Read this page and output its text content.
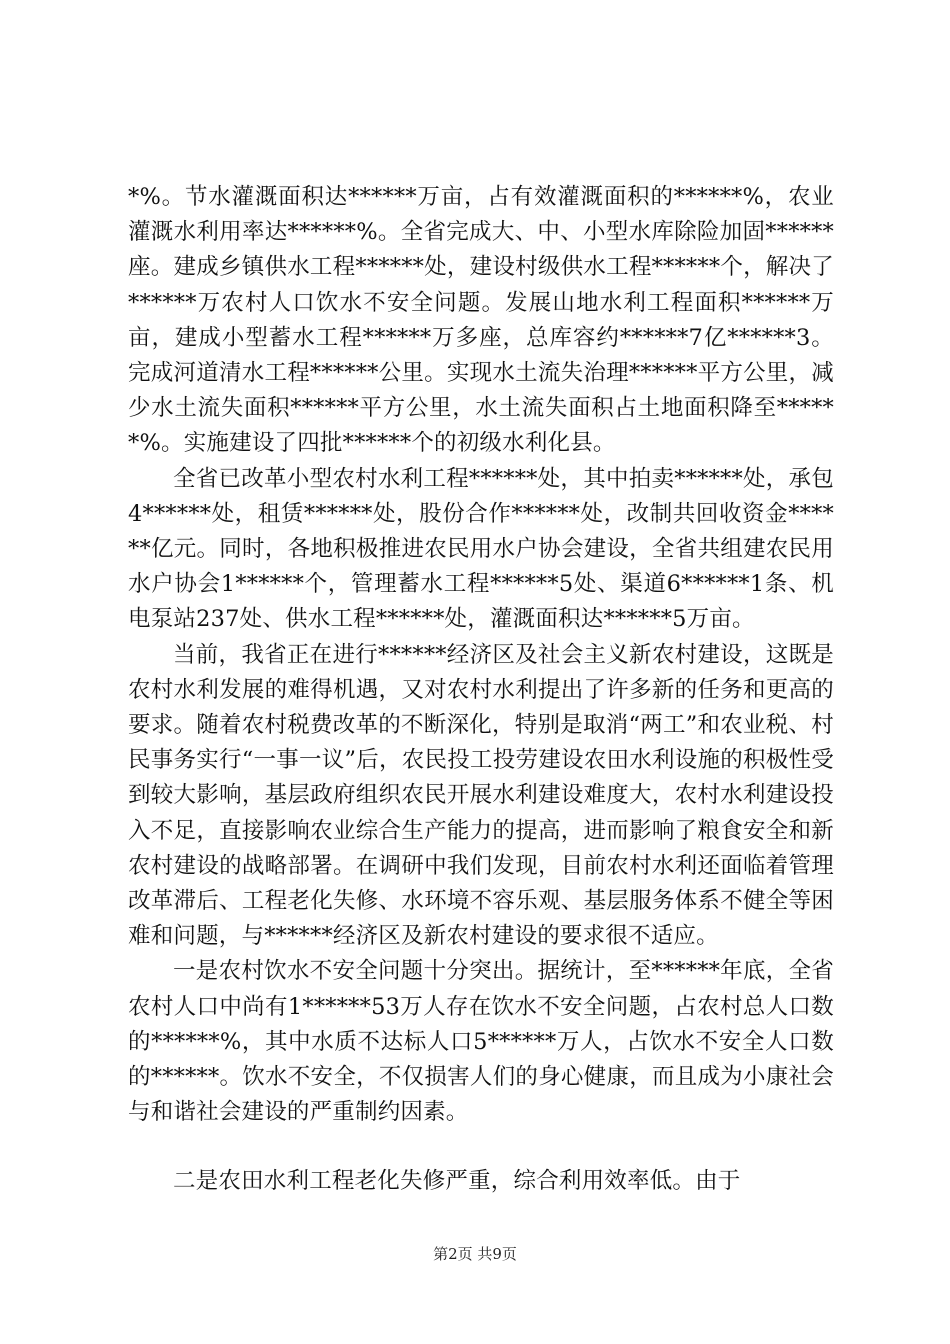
*%。节水灌溉面积达******万亩，占有效灌溉面积的******%，农业灌溉水利用率达******%。全省完成大、中、小型水库除险加固******座。建成乡镇供水工程******处，建设村级供水工程******个，解决了******万农村人口饮水不安全问题。发展山地水利工程面积******万亩，建成小型蓄水工程******万多座，总库容约******7亿******3。完成河道清水工程******公里。实现水土流失治理******平方公里，减少水土流失面积******平方公里，水土流失面积占土地面积降至******%。实施建设了四批******个的初级水利化县。

全省已改革小型农村水利工程******处，其中拍卖******处，承包4******处，租赁******处，股份合作******处，改制共回收资金******亿元。同时，各地积极推进农民用水户协会建设，全省共组建农民用水户协会1******个，管理蓄水工程******5处、渠道6******1条、机电泵站237处、供水工程******处，灌溉面积达******5万亩。

当前，我省正在进行******经济区及社会主义新农村建设，这既是农村水利发展的难得机遇，又对农村水利提出了许多新的任务和更高的要求。随着农村税费改革的不断深化，特别是取消“两工”和农业税、村民事务实行“一事一议”后，农民投工投劳建设农田水利设施的积极性受到较大影响，基层政府组织农民开展水利建设难度大，农村水利建设投入不足，直接影响农业综合生产能力的提高，进而影响了粮食安全和新农村建设的战略部署。在调研中我们发现，目前农村水利还面临着管理改革滞后、工程老化失修、水环境不容乐观、基层服务体系不健全等困难和问题，与******经济区及新农村建设的要求很不适应。

一是农村饮水不安全问题十分突出。据统计，至******年底，全省农村人口中尚有1******53万人存在饮水不安全问题，占农村总人口数的******%，其中水质不达标人口5******万人，占饮水不安全人口数的******。饮水不安全，不仅损害人们的身心健康，而且成为小康社会与和谐社会建设的严重制约因素。

二是农田水利工程老化失修严重，综合利用效率低。由于

第2页 共9页
